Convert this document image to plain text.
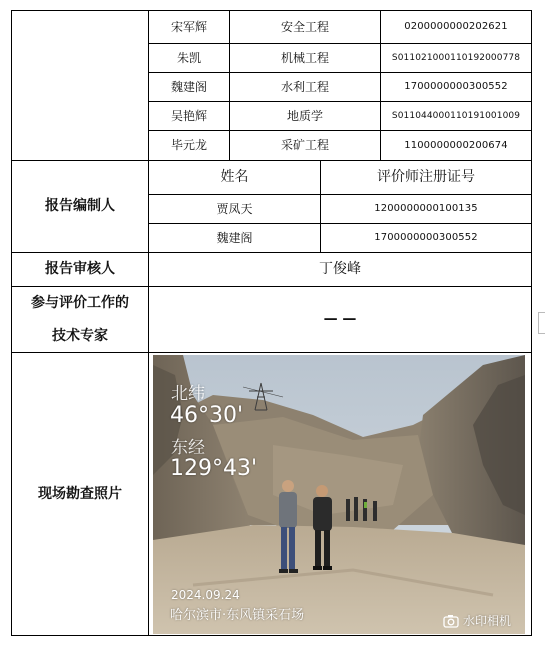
宋军辉	安全工程	0200000000202621
朱凯	机械工程	S011021000110192000778
魏建阁	水利工程	1700000000300552
吴艳辉	地质学	S011044000110191001009
毕元龙	采矿工程	1100000000200674
报告编制人
姓名	评价师注册证号
贾凤天	1200000000100135
魏建阁	1700000000300552
报告审核人	丁俊峰
参与评价工作的
技术专家
— —
现场勘查照片
北纬
46°30'
东经
129°43'
2024.09.24
哈尔滨市·东风镇采石场	水印相机
